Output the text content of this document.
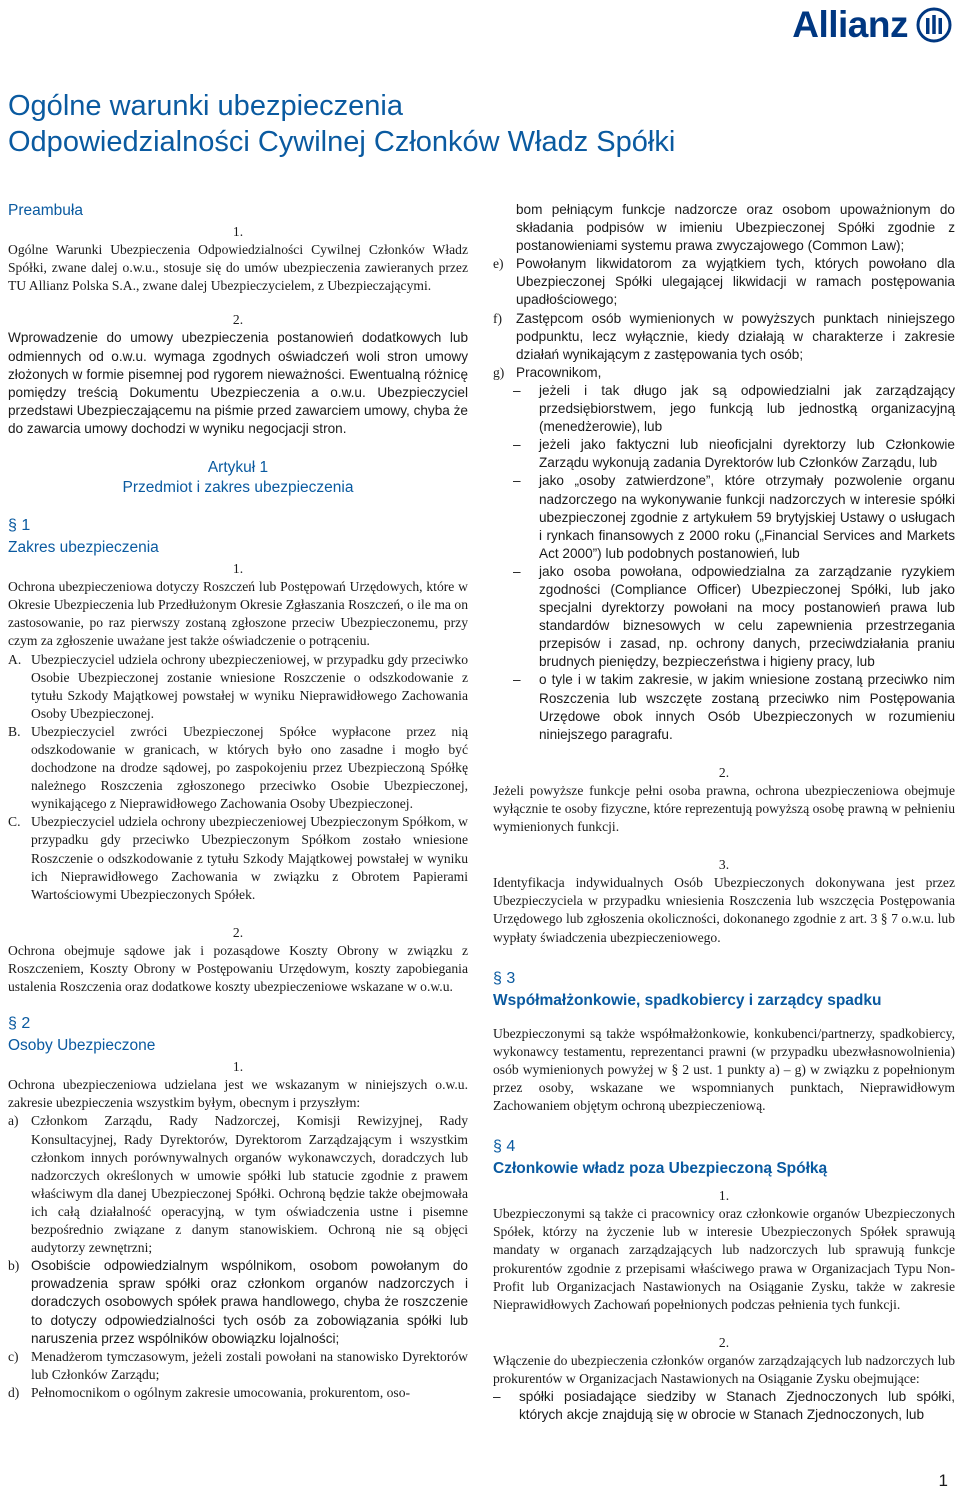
Allianz
Ogólne warunki ubezpieczenia
Odpowiedzialności Cywilnej Członków Władz Spółki
Preambuła

1.

Ogólne Warunki Ubezpieczenia Odpowiedzialności Cywilnej Członków Władz Spółki, zwane dalej o.w.u., stosuje się do umów ubezpieczenia zawieranych przez TU Allianz Polska S.A., zwane dalej Ubezpieczycielem, z Ubezpieczającymi.

2.

Wprowadzenie do umowy ubezpieczenia postanowień dodatkowych lub odmiennych od o.w.u. wymaga zgodnych oświadczeń woli stron umowy złożonych w formie pisemnej pod rygorem nieważności. Ewentualną różnicę pomiędzy treścią Dokumentu Ubezpieczenia a o.w.u. Ubezpieczyciel przedstawi Ubezpieczającemu na piśmie przed zawarciem umowy, chyba że do zawarcia umowy dochodzi w wyniku negocjacji stron.

Artykuł 1
Przedmiot i zakres ubezpieczenia
§ 1
Zakres ubezpieczenia

1.

Ochrona ubezpieczeniowa dotyczy Roszczeń lub Postępowań Urzędowych, które w Okresie Ubezpieczenia lub Przedłużonym Okresie Zgłaszania Roszczeń, o ile ma on zastosowanie, po raz pierwszy zostaną zgłoszone przeciw Ubezpieczonemu, przy czym za zgłoszenie uważane jest także oświadczenie o potrąceniu.

A. Ubezpieczyciel udziela ochrony ubezpieczeniowej, w przypadku gdy przeciwko Osobie Ubezpieczonej zostanie wniesione Roszczenie o odszkodowanie z tytułu Szkody Majątkowej powstałej w wyniku Nieprawidłowego Zachowania Osoby Ubezpieczonej.
B. Ubezpieczyciel zwróci Ubezpieczonej Spółce wypłacone przez nią odszkodowanie w granicach, w których było ono zasadne i mogło być dochodzone na drodze sądowej, po zaspokojeniu przez Ubezpieczoną Spółkę należnego Roszczenia zgłoszonego przeciwko Osobie Ubezpieczonej, wynikającego z Nieprawidłowego Zachowania Osoby Ubezpieczonej.
C. Ubezpieczyciel udziela ochrony ubezpieczeniowej Ubezpieczonym Spółkom, w przypadku gdy przeciwko Ubezpieczonym Spółkom zostało wniesione Roszczenie o odszkodowanie z tytułu Szkody Majątkowej powstałej w wyniku ich Nieprawidłowego Zachowania w związku z Obrotem Papierami Wartościowymi Ubezpieczonych Spółek.

2.

Ochrona obejmuje sądowe jak i pozasądowe Koszty Obrony w związku z Roszczeniem, Koszty Obrony w Postępowaniu Urzędowym, koszty zapobiegania ustalenia Roszczenia oraz dodatkowe koszty ubezpieczeniowe wskazane w o.w.u.

§ 2
Osoby Ubezpieczone

1.

Ochrona ubezpieczeniowa udzielana jest we wskazanym w niniejszych o.w.u. zakresie ubezpieczenia wszystkim byłym, obecnym i przyszłym:

a) Członkom Zarządu, Rady Nadzorczej, Komisji Rewizyjnej, Rady Konsultacyjnej, Rady Dyrektorów, Dyrektorom Zarządzającym i wszystkim członkom innych porównywalnych organów wykonawczych, doradczych lub nadzorczych określonych w umowie spółki lub statucie zgodnie z prawem właściwym dla danej Ubezpieczonej Spółki. Ochroną będzie także obejmowała ich całą działalność operacyjną, w tym oświadczenia ustne i pisemne bezpośrednio związane z danym stanowiskiem. Ochroną nie są objęci audytorzy zewnętrzni;
b) Osobiście odpowiedzialnym wspólnikom, osobom powołanym do prowadzenia spraw spółki oraz członkom organów nadzorczych i doradczych osobowych spółek prawa handlowego, chyba że roszczenie to dotyczy odpowiedzialności tych osób za zobowiązania spółki lub naruszenia przez wspólników obowiązku lojalności;
c) Menadżerom tymczasowym, jeżeli zostali powołani na stanowisko Dyrektorów lub Członków Zarządu;
d) Pełnomocnikom o ogólnym zakresie umocowania, prokurentom, oso-
bom pełniącym funkcje nadzorcze oraz osobom upoważnionym do składania podpisów w imieniu Ubezpieczonej Spółki zgodnie z postanowieniami systemu prawa zwyczajowego (Common Law);
e) Powołanym likwidatorom za wyjątkiem tych, których powołano dla Ubezpieczonej Spółki ulegającej likwidacji w ramach postępowania upadłościowego;
f)	Zastępcom osób wymienionych w powyższych punktach niniejszego podpunktu, lecz wyłącznie, kiedy działają w charakterze i zakresie działań wynikającym z zastępowania tych osób;
g) Pracownikom,
–	jeżeli i tak długo jak są odpowiedzialni jak zarządzający przedsiębiorstwem, jego funkcją lub jednostką organizacyjną (menedżerowie), lub
–	jeżeli jako faktyczni lub nieoficjalni dyrektorzy lub Członkowie Zarządu wykonują zadania Dyrektorów lub Członków Zarządu, lub
–	jako „osoby zatwierdzone”, które otrzymały pozwolenie organu nadzorczego na wykonywanie funkcji nadzorczych w interesie spółki ubezpieczonej zgodnie z artykułem 59 brytyjskiej Ustawy o usługach i rynkach finansowych z 2000 roku („Financial Services and Markets Act 2000”) lub podobnych postanowień, lub
–	jako osoba powołana, odpowiedzialna za zarządzanie ryzykiem zgodności (Compliance Officer) Ubezpieczonej Spółki, lub jako specjalni dyrektorzy powołani na mocy postanowień prawa lub standardów biznesowych w celu zapewnienia przestrzegania przepisów i zasad, np. ochrony danych, przeciwdziałania praniu brudnych pieniędzy, bezpieczeństwa i higieny pracy, lub
–	o tyle i w takim zakresie, w jakim wniesione zostaną przeciwko nim Roszczenia lub wszczęte zostaną przeciwko nim Postępowania Urzędowe obok innych Osób Ubezpieczonych w rozumieniu niniejszego paragrafu.

2.

Jeżeli powyższe funkcje pełni osoba prawna, ochrona ubezpieczeniowa obejmuje wyłącznie te osoby fizyczne, które reprezentują powyższą osobę prawną w pełnieniu wymienionych funkcji.

3.

Identyfikacja indywidualnych Osób Ubezpieczonych dokonywana jest przez Ubezpieczyciela w przypadku wniesienia Roszczenia lub wszczęcia Postępowania Urzędowego lub zgłoszenia okoliczności, dokonanego zgodnie z art. 3 § 7 o.w.u. lub wypłaty świadczenia ubezpieczeniowego.

§ 3
Współmałżonkowie, spadkobiercy i zarządcy spadku

Ubezpieczonymi są także współmałżonkowie, konkubenci/partnerzy, spadkobiercy, wykonawcy testamentu, reprezentanci prawni (w przypadku ubezwłasnowolnienia) osób wymienionych powyżej w § 2 ust. 1 punkty a) – g) w związku z popełnionym przez osoby, wskazane we wspomnianych punktach, Nieprawidłowym Zachowaniem objętym ochroną ubezpieczeniową.

§ 4
Członkowie władz poza Ubezpieczoną Spółką

1.

Ubezpieczonymi są także ci pracownicy oraz członkowie organów Ubezpieczonych Spółek, którzy na życzenie lub w interesie Ubezpieczonych Spółek sprawują mandaty w organach zarządzających lub nadzorczych lub sprawują funkcje prokurentów zgodnie z przepisami właściwego prawa w Organizacjach Typu Non-Profit lub Organizacjach Nastawionych na Osiąganie Zysku, także w zakresie Nieprawidłowych Zachowań popełnionych podczas pełnienia tych funkcji.

2.

Włączenie do ubezpieczenia członków organów zarządzających lub nadzorczych lub prokurentów w Organizacjach Nastawionych na Osiąganie Zysku obejmujące:

–	spółki posiadające siedziby w Stanach Zjednoczonych lub spółki, których akcje znajdują się w obrocie w Stanach Zjednoczonych, lub
1
